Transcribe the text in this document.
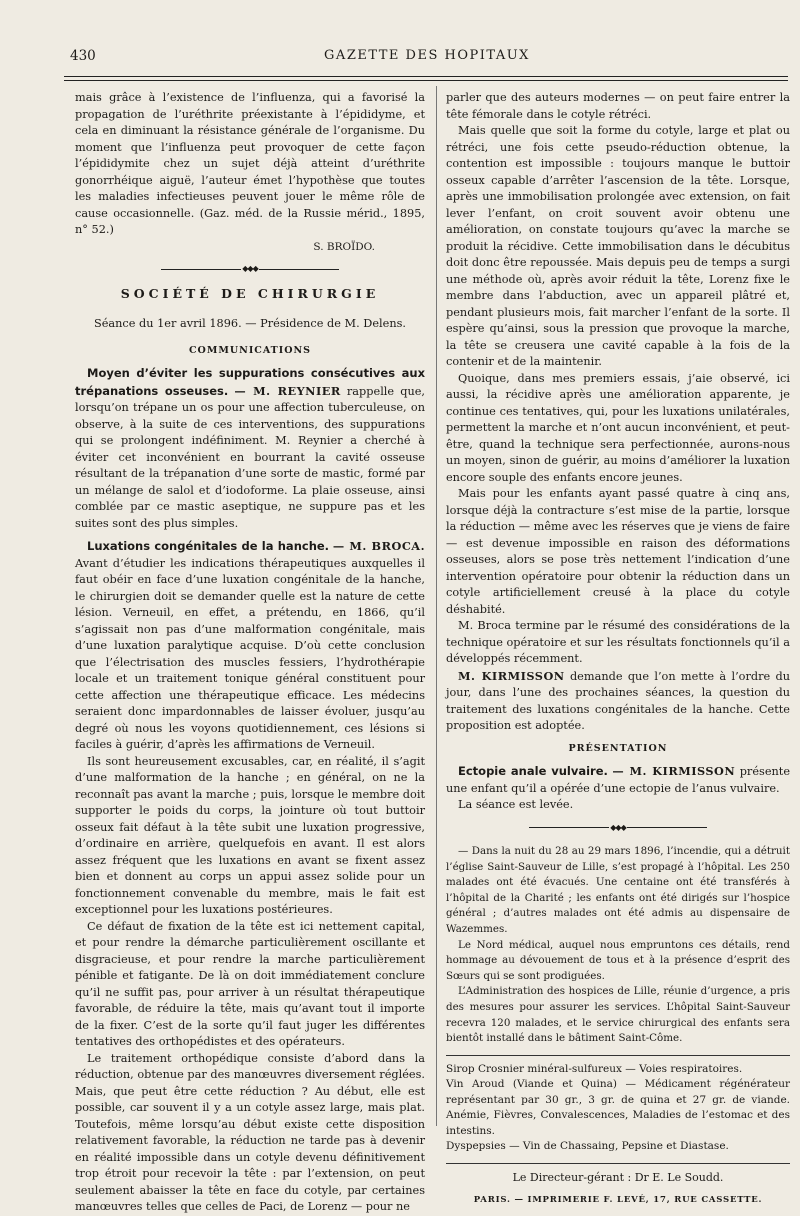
430	GAZETTE DES HOPITAUX

mais grâce à l’existence de l’influenza, qui a favorisé la propagation de l’uréthrite préexistante à l’épididyme, et cela en diminuant la résistance générale de l’organisme. Du moment que l’influenza peut provoquer de cette façon l’épididymite chez un sujet déjà atteint d’uréthrite gonorrhéique aiguë, l’auteur émet l’hypothèse que toutes les maladies infectieuses peuvent jouer le même rôle de cause occasionnelle. (Gaz. méd. de la Russie mérid., 1895, n° 52.)

S. BROÏDO.
◆◆◆
SOCIÉTÉ DE CHIRURGIE

Séance du 1er avril 1896. — Présidence de M. Delens.

COMMUNICATIONS

Moyen d’éviter les suppurations consécutives aux trépanations osseuses. — M. REYNIER rappelle que, lorsqu’on trépane un os pour une affection tuberculeuse, on observe, à la suite de ces interventions, des suppurations qui se prolongent indéfiniment. M. Reynier a cherché à éviter cet inconvénient en bourrant la cavité osseuse résultant de la trépanation d’une sorte de mastic, formé par un mélange de salol et d’iodoforme. La plaie osseuse, ainsi comblée par ce mastic aseptique, ne suppure pas et les suites sont des plus simples.

Luxations congénitales de la hanche. — M. BROCA. Avant d’étudier les indications thérapeutiques auxquelles il faut obéir en face d’une luxation congénitale de la hanche, le chirurgien doit se demander quelle est la nature de cette lésion. Verneuil, en effet, a prétendu, en 1866, qu’il s’agissait non pas d’une malformation congénitale, mais d’une luxation paralytique acquise. D’où cette conclusion que l’électrisation des muscles fessiers, l’hydrothérapie locale et un traitement tonique général constituent pour cette affection une thérapeutique efficace. Les médecins seraient donc impardonnables de laisser évoluer, jusqu’au degré où nous les voyons quotidiennement, ces lésions si faciles à guérir, d’après les affirmations de Verneuil.

Ils sont heureusement excusables, car, en réalité, il s’agit d’une malformation de la hanche ; en général, on ne la reconnaît pas avant la marche ; puis, lorsque le membre doit supporter le poids du corps, la jointure où tout buttoir osseux fait défaut à la tête subit une luxation progressive, d’ordinaire en arrière, quelquefois en avant. Il est alors assez fréquent que les luxations en avant se fixent assez bien et donnent au corps un appui assez solide pour un fonctionnement convenable du membre, mais le fait est exceptionnel pour les luxations postérieures.

Ce défaut de fixation de la tête est ici nettement capital, et pour rendre la démarche particulièrement oscillante et disgracieuse, et pour rendre la marche particulièrement pénible et fatigante. De là on doit immédiatement conclure qu’il ne suffit pas, pour arriver à un résultat thérapeutique favorable, de réduire la tête, mais qu’avant tout il importe de la fixer. C’est de la sorte qu’il faut juger les différentes tentatives des orthopédistes et des opérateurs.

Le traitement orthopédique consiste d’abord dans la réduction, obtenue par des manœuvres diversement réglées. Mais, que peut être cette réduction ? Au début, elle est possible, car souvent il y a un cotyle assez large, mais plat. Toutefois, même lorsqu’au début existe cette disposition relativement favorable, la réduction ne tarde pas à devenir en réalité impossible dans un cotyle devenu définitivement trop étroit pour recevoir la tête : par l’extension, on peut seulement abaisser la tête en face du cotyle, par certaines manœuvres telles que celles de Paci, de Lorenz — pour ne

parler que des auteurs modernes — on peut faire entrer la tête fémorale dans le cotyle rétréci.

Mais quelle que soit la forme du cotyle, large et plat ou rétréci, une fois cette pseudo-réduction obtenue, la contention est impossible : toujours manque le buttoir osseux capable d’arrêter l’ascension de la tête. Lorsque, après une immobilisation prolongée avec extension, on fait lever l’enfant, on croit souvent avoir obtenu une amélioration, on constate toujours qu’avec la marche se produit la récidive. Cette immobilisation dans le décubitus doit donc être repoussée. Mais depuis peu de temps a surgi une méthode où, après avoir réduit la tête, Lorenz fixe le membre dans l’abduction, avec un appareil plâtré et, pendant plusieurs mois, fait marcher l’enfant de la sorte. Il espère qu’ainsi, sous la pression que provoque la marche, la tête se creusera une cavité capable à la fois de la contenir et de la maintenir.

Quoique, dans mes premiers essais, j’aie observé, ici aussi, la récidive après une amélioration apparente, je continue ces tentatives, qui, pour les luxations unilatérales, permettent la marche et n’ont aucun inconvénient, et peut-être, quand la technique sera perfectionnée, aurons-nous un moyen, sinon de guérir, au moins d’améliorer la luxation encore souple des enfants encore jeunes.

Mais pour les enfants ayant passé quatre à cinq ans, lorsque déjà la contracture s’est mise de la partie, lorsque la réduction — même avec les réserves que je viens de faire — est devenue impossible en raison des déformations osseuses, alors se pose très nettement l’indication d’une intervention opératoire pour obtenir la réduction dans un cotyle artificiellement creusé à la place du cotyle déshabité.

M. Broca termine par le résumé des considérations de la technique opératoire et sur les résultats fonctionnels qu’il a développés récemment.

M. KIRMISSON demande que l’on mette à l’ordre du jour, dans l’une des prochaines séances, la question du traitement des luxations congénitales de la hanche. Cette proposition est adoptée.

PRÉSENTATION

Ectopie anale vulvaire. — M. KIRMISSON présente une enfant qu’il a opérée d’une ectopie de l’anus vulvaire.

La séance est levée.

◆◆◆

— Dans la nuit du 28 au 29 mars 1896, l’incendie, qui a détruit l’église Saint-Sauveur de Lille, s’est propagé à l’hôpital. Les 250 malades ont été évacués. Une centaine ont été transférés à l’hôpital de la Charité ; les enfants ont été dirigés sur l’hospice général ; d’autres malades ont été admis au dispensaire de Wazemmes.

Le Nord médical, auquel nous empruntons ces détails, rend hommage au dévouement de tous et à la présence d’esprit des Sœurs qui se sont prodiguées.

L’Administration des hospices de Lille, réunie d’urgence, a pris des mesures pour assurer les services. L’hôpital Saint-Sauveur recevra 120 malades, et le service chirurgical des enfants sera bientôt installé dans le bâtiment Saint-Côme.

Sirop Crosnier minéral-sulfureux — Voies respiratoires.

Vin Aroud (Viande et Quina) — Médicament régénérateur représentant par 30 gr., 3 gr. de quina et 27 gr. de viande. Anémie, Fièvres, Convalescences, Maladies de l’estomac et des intestins.

Dyspepsies — Vin de Chassaing, Pepsine et Diastase.

Le Directeur-gérant : Dr E. Le Soudd.
PARIS. — IMPRIMERIE F. LEVÉ, 17, RUE CASSETTE.
